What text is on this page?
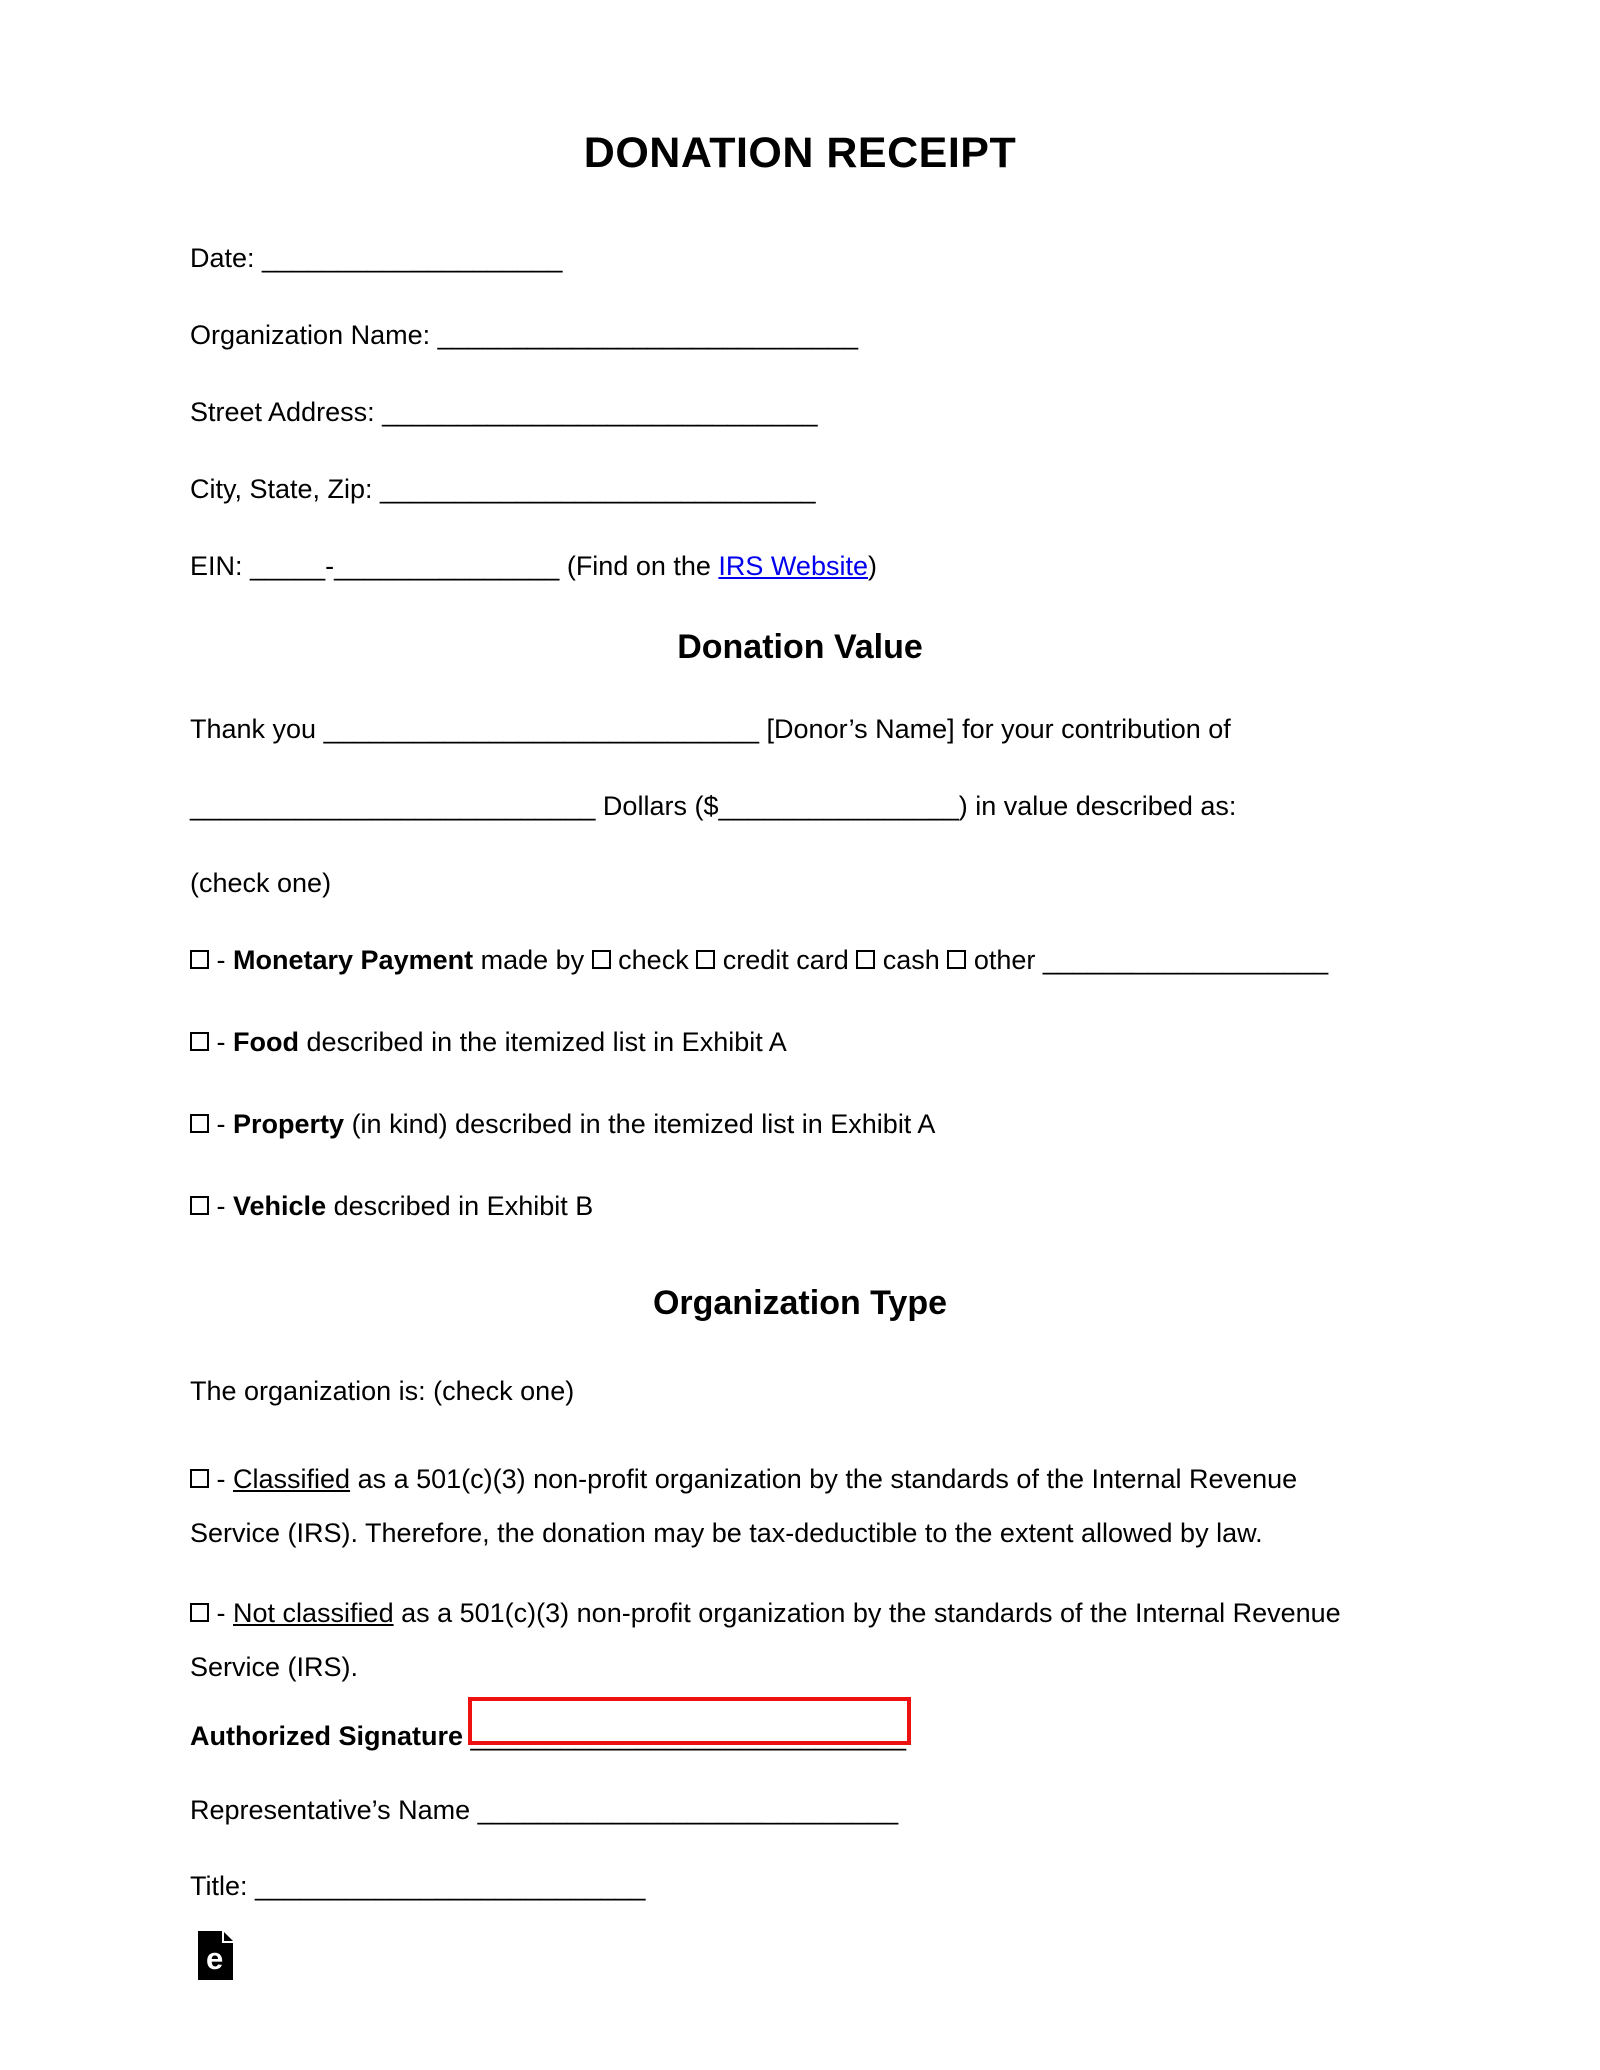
DONATION RECEIPT
Date: ____________________
Organization Name: ____________________________
Street Address: _____________________________
City, State, Zip: _____________________________
EIN: _____-_______________ (Find on the IRS Website)
Donation Value
Thank you _____________________________ [Donor’s Name] for your contribution of
___________________________ Dollars ($________________) in value described as:
(check one)
- Monetary Payment made by  check  credit card  cash  other ___________________
- Food described in the itemized list in Exhibit A
- Property (in kind) described in the itemized list in Exhibit A
- Vehicle described in Exhibit B
Organization Type
The organization is: (check one)
- Classified as a 501(c)(3) non-profit organization by the standards of the Internal Revenue Service (IRS). Therefore, the donation may be tax-deductible to the extent allowed by law.
- Not classified as a 501(c)(3) non-profit organization by the standards of the Internal Revenue Service (IRS).
Authorized Signature _____________________________
Representative’s Name ____________________________
Title: __________________________
e
